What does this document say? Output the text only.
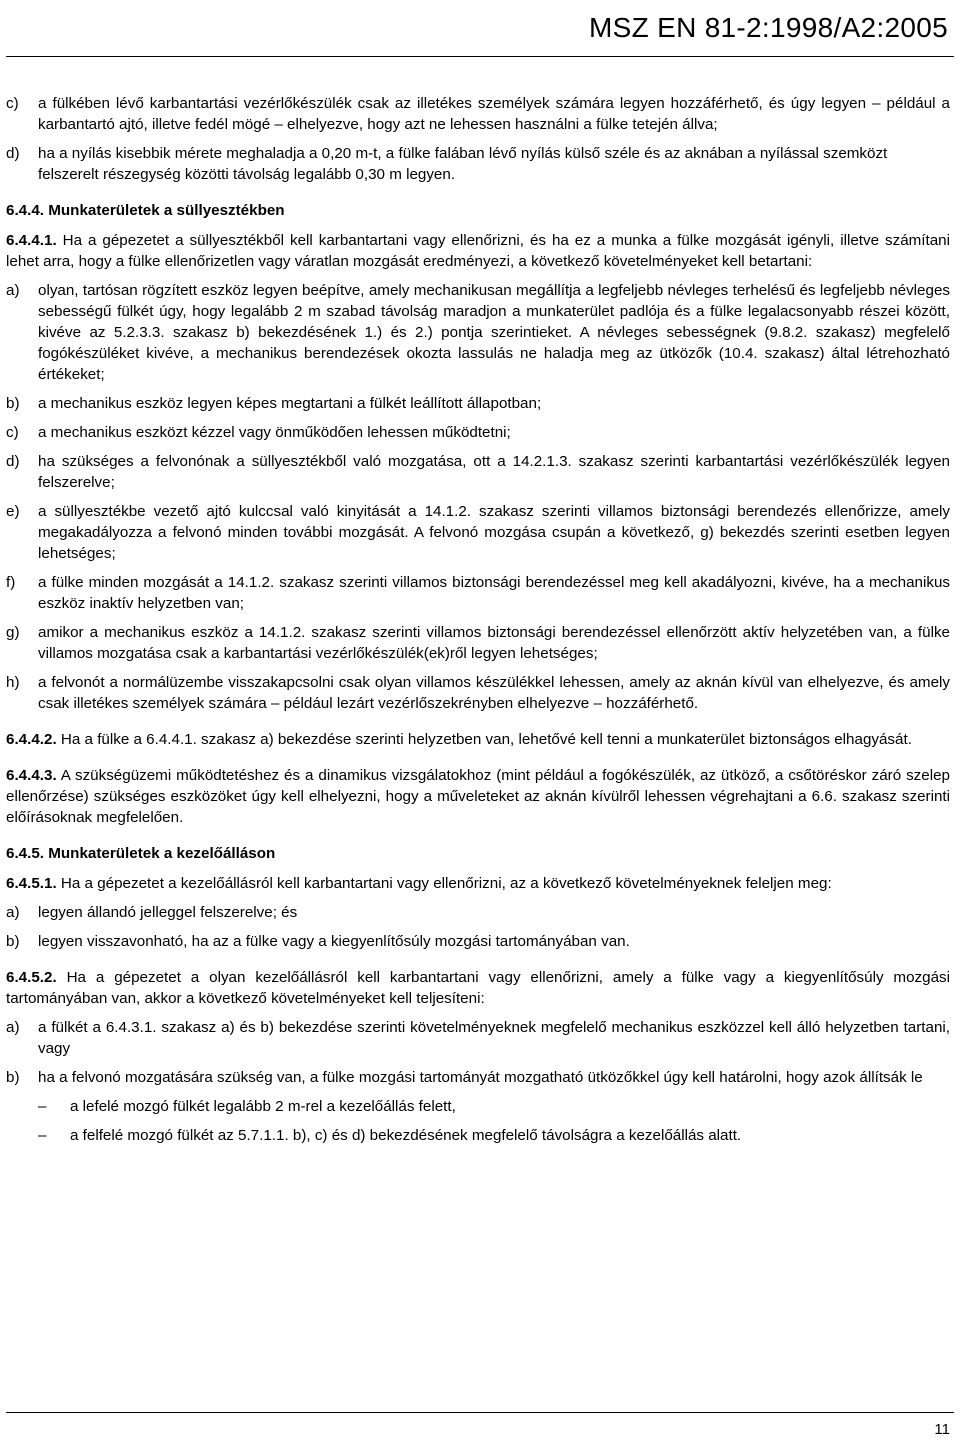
MSZ EN 81-2:1998/A2:2005
c)	a fülkében lévő karbantartási vezérlőkészülék csak az illetékes személyek számára legyen hozzáférhető, és úgy legyen – például a karbantartó ajtó, illetve fedél mögé – elhelyezve, hogy azt ne lehessen használni a fülke tetején állva;
d)	ha a nyílás kisebbik mérete meghaladja a 0,20 m-t, a fülke falában lévő nyílás külső széle és az aknában a nyílással szemközt felszerelt részegység közötti távolság legalább 0,30 m legyen.
6.4.4. Munkaterületek a süllyesztékben
6.4.4.1. Ha a gépezetet a süllyesztékből kell karbantartani vagy ellenőrizni, és ha ez a munka a fülke mozgását igényli, illetve számítani lehet arra, hogy a fülke ellenőrizetlen vagy váratlan mozgását eredményezi, a következő követelményeket kell betartani:
a)	olyan, tartósan rögzített eszköz legyen beépítve, amely mechanikusan megállítja a legfeljebb névleges terhelésű és legfeljebb névleges sebességű fülkét úgy, hogy legalább 2 m szabad távolság maradjon a munkaterület padlója és a fülke legalacsonyabb részei között, kivéve az 5.2.3.3. szakasz b) bekezdésének 1.) és 2.) pontja szerintieket. A névleges sebességnek (9.8.2. szakasz) megfelelő fogókészüléket kivéve, a mechanikus berendezések okozta lassulás ne haladja meg az ütközők (10.4. szakasz) által létrehozható értékeket;
b)	a mechanikus eszköz legyen képes megtartani a fülkét leállított állapotban;
c)	a mechanikus eszközt kézzel vagy önműködően lehessen működtetni;
d)	ha szükséges a felvonónak a süllyesztékből való mozgatása, ott a 14.2.1.3. szakasz szerinti karbantartási vezérlőkészülék legyen felszerelve;
e)	a süllyesztékbe vezető ajtó kulccsal való kinyitását a 14.1.2. szakasz szerinti villamos biztonsági berendezés ellenőrizze, amely megakadályozza a felvonó minden további mozgását. A felvonó mozgása csupán a következő, g) bekezdés szerinti esetben legyen lehetséges;
f)	a fülke minden mozgását a 14.1.2. szakasz szerinti villamos biztonsági berendezéssel meg kell akadályozni, kivéve, ha a mechanikus eszköz inaktív helyzetben van;
g)	amikor a mechanikus eszköz a 14.1.2. szakasz szerinti villamos biztonsági berendezéssel ellenőrzött aktív helyzetében van, a fülke villamos mozgatása csak a karbantartási vezérlőkészülék(ek)ről legyen lehetséges;
h)	a felvonót a normálüzembe visszakapcsolni csak olyan villamos készülékkel lehessen, amely az aknán kívül van elhelyezve, és amely csak illetékes személyek számára – például lezárt vezérlőszekrényben elhelyezve – hozzáférhető.
6.4.4.2. Ha a fülke a 6.4.4.1. szakasz a) bekezdése szerinti helyzetben van, lehetővé kell tenni a munkaterület biztonságos elhagyását.
6.4.4.3. A szükségüzemi működtetéshez és a dinamikus vizsgálatokhoz (mint például a fogókészülék, az ütköző, a csőtöréskor záró szelep ellenőrzése) szükséges eszközöket úgy kell elhelyezni, hogy a műveleteket az aknán kívülről lehessen végrehajtani a 6.6. szakasz szerinti előírásoknak megfelelően.
6.4.5. Munkaterületek a kezelőálláson
6.4.5.1. Ha a gépezetet a kezelőállásról kell karbantartani vagy ellenőrizni, az a következő követelményeknek feleljen meg:
a)	legyen állandó jelleggel felszerelve; és
b)	legyen visszavonható, ha az a fülke vagy a kiegyenlítősúly mozgási tartományában van.
6.4.5.2. Ha a gépezetet a olyan kezelőállásról kell karbantartani vagy ellenőrizni, amely a fülke vagy a kiegyenlítősúly mozgási tartományában van, akkor a következő követelményeket kell teljesíteni:
a)	a fülkét a 6.4.3.1. szakasz a) és b) bekezdése szerinti követelményeknek megfelelő mechanikus eszközzel kell álló helyzetben tartani, vagy
b)	ha a felvonó mozgatására szükség van, a fülke mozgási tartományát mozgatható ütközőkkel úgy kell határolni, hogy azok állítsák le
–	a lefelé mozgó fülkét legalább 2 m-rel a kezelőállás felett,
–	a felfelé mozgó fülkét az 5.7.1.1. b), c) és d) bekezdésének megfelelő távolságra a kezelőállás alatt.
11
